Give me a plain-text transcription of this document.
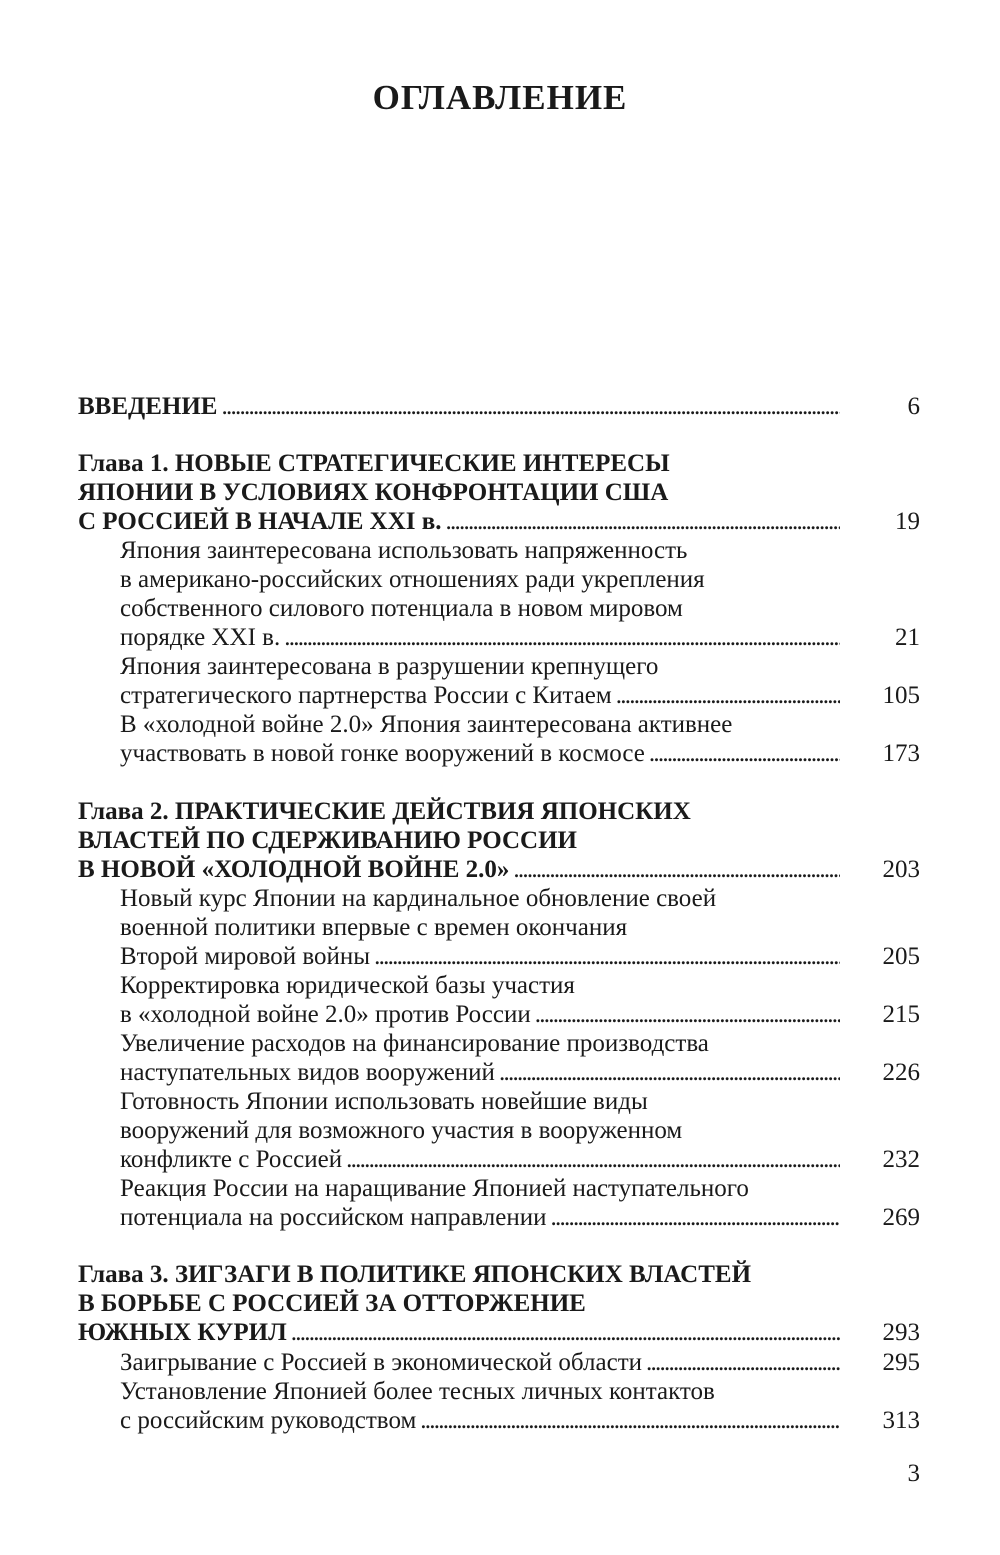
ОГЛАВЛЕНИЕ
ВВЕДЕНИЕ . . .	6
Глава 1. НОВЫЕ СТРАТЕГИЧЕСКИЕ ИНТЕРЕСЫ
ЯПОНИИ В УСЛОВИЯХ КОНФРОНТАЦИИ США
С РОССИЕЙ В НАЧАЛЕ XXI в. . . .	19
Япония заинтересована использовать напряженность
в американо-российских отношениях ради укрепления
собственного силового потенциала в новом мировом
порядке XXI в. . . .	21
Япония заинтересована в разрушении крепнущего
стратегического партнерства России с Китаем . . .	105
В «холодной войне 2.0» Япония заинтересована активнее
участвовать в новой гонке вооружений в космосе . . .	173
Глава 2. ПРАКТИЧЕСКИЕ ДЕЙСТВИЯ ЯПОНСКИХ
ВЛАСТЕЙ ПО СДЕРЖИВАНИЮ РОССИИ
В НОВОЙ «ХОЛОДНОЙ ВОЙНЕ 2.0» . . .	203
Новый курс Японии на кардинальное обновление своей
военной политики впервые с времен окончания
Второй мировой войны . . .	205
Корректировка юридической базы участия
в «холодной войне 2.0» против России . . .	215
Увеличение расходов на финансирование производства
наступательных видов вооружений . . .	226
Готовность Японии использовать новейшие виды
вооружений для возможного участия в вооруженном
конфликте с Россией . . .	232
Реакция России на наращивание Японией наступательного
потенциала на российском направлении . . .	269
Глава 3. ЗИГЗАГИ В ПОЛИТИКЕ ЯПОНСКИХ ВЛАСТЕЙ
В БОРЬБЕ С РОССИЕЙ ЗА ОТТОРЖЕНИЕ
ЮЖНЫХ КУРИЛ . . .	293
Заигрывание с Россией в экономической области . . .	295
Установление Японией более тесных личных контактов
с российским руководством . . .	313
3
